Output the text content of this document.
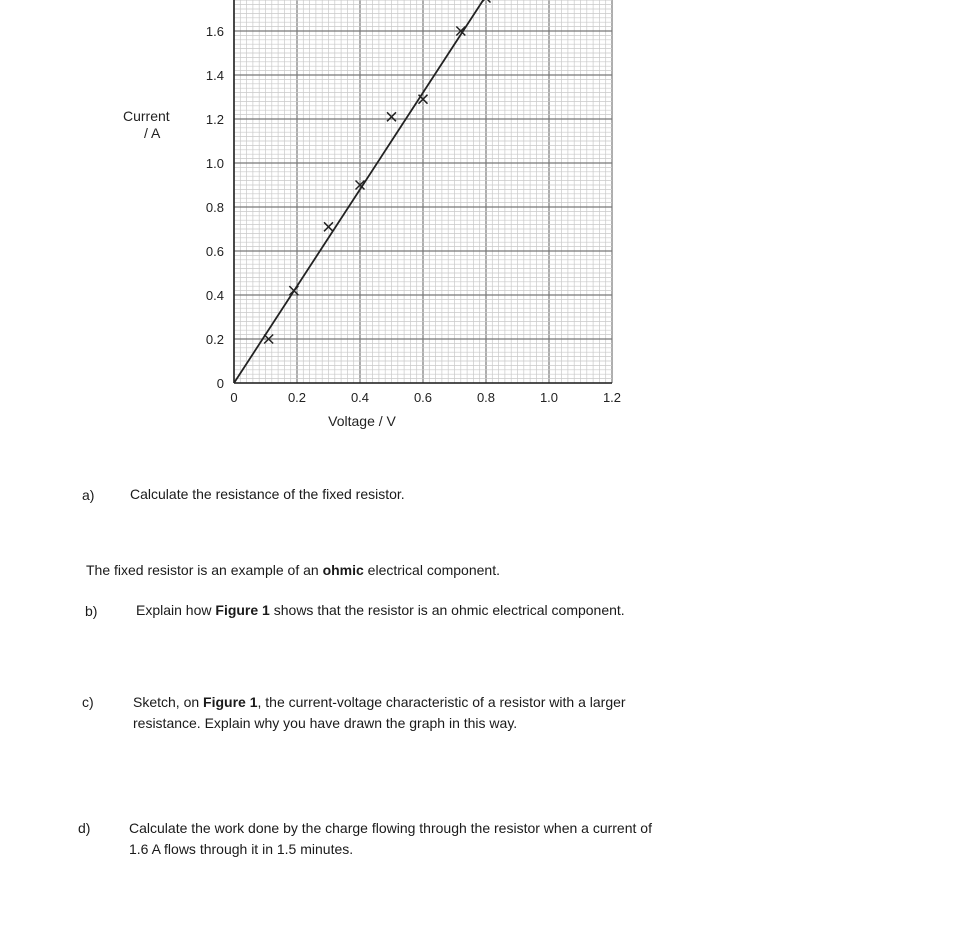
0	0.2	0.4	0.6	0.8	1.0	1.2
0
0.2
0.4
0.6
0.8
1.0
1.2
1.4
1.6
Current
/ A
Voltage / V
a)	Calculate the resistance of the fixed resistor.
The fixed resistor is an example of an ohmic electrical component.
b)	Explain how Figure 1 shows that the resistor is an ohmic electrical component.
c)	Sketch, on Figure 1, the current-voltage characteristic of a resistor with a larger
resistance. Explain why you have drawn the graph in this way.
d)	Calculate the work done by the charge flowing through the resistor when a current of
1.6 A flows through it in 1.5 minutes.
